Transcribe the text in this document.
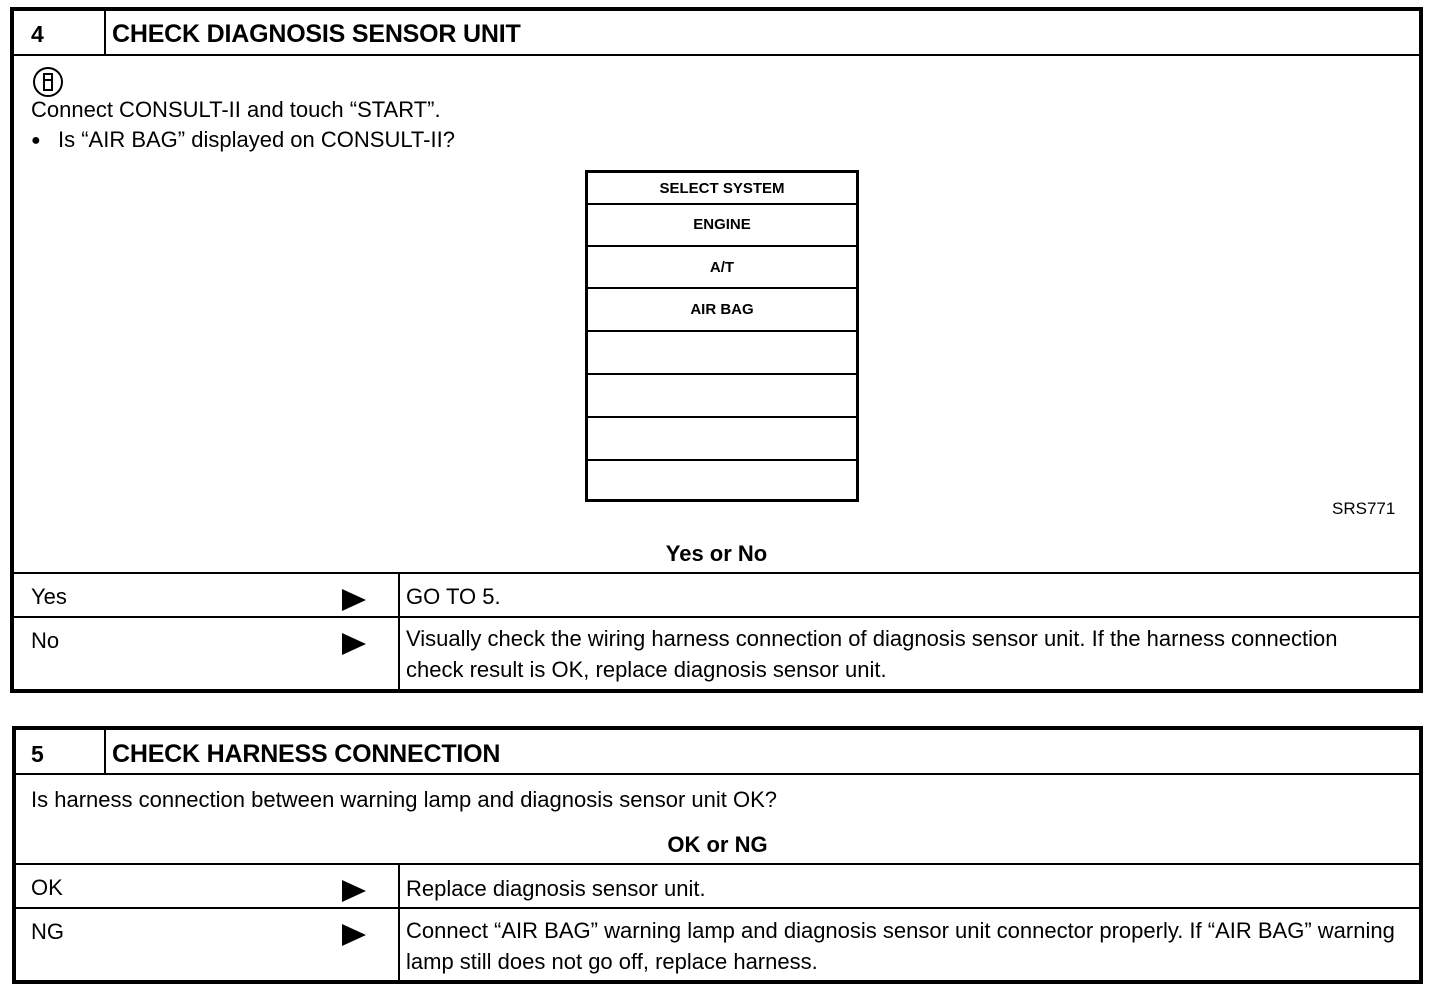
4	CHECK DIAGNOSIS SENSOR UNIT
Connect CONSULT-II and touch “START”.
● Is “AIR BAG” displayed on CONSULT-II?
SRS771
Yes or No
Yes	GO TO 5.
No	Visually check the wiring harness connection of diagnosis sensor unit. If the harness connection check result is OK, replace diagnosis sensor unit.
SELECT SYSTEM
ENGINE
A/T
AIR BAG
5	CHECK HARNESS CONNECTION
Is harness connection between warning lamp and diagnosis sensor unit OK?
OK or NG
OK	Replace diagnosis sensor unit.
NG	Connect “AIR BAG” warning lamp and diagnosis sensor unit connector properly. If “AIR BAG” warning lamp still does not go off, replace harness.
